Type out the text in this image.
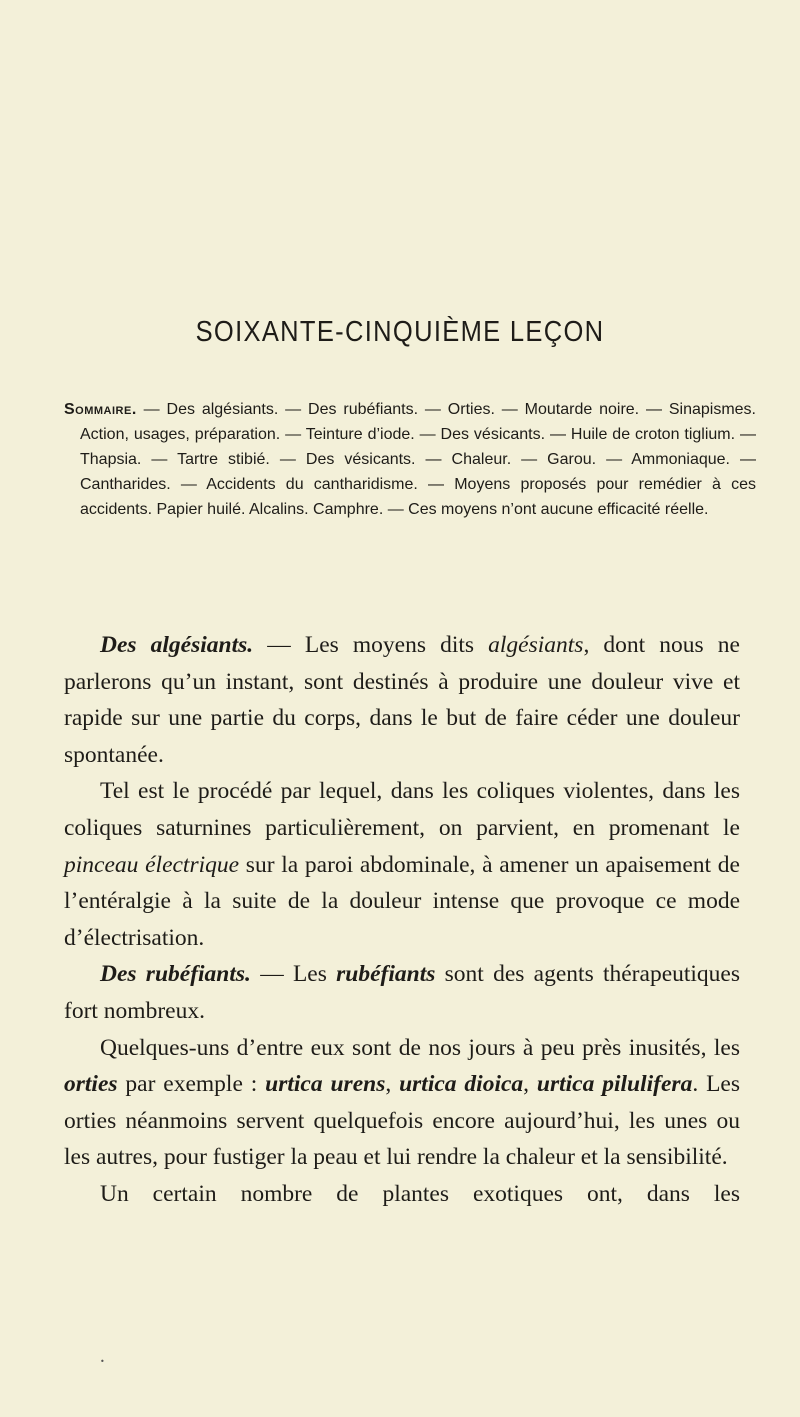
SOIXANTE-CINQUIÈME LEÇON

Sommaire. — Des algésiants. — Des rubéfiants. — Orties. — Moutarde noire. — Sinapismes. Action, usages, préparation. — Teinture d’iode. — Des vésicants. — Huile de croton tiglium. — Thapsia. — Tartre stibié. — Des vésicants. — Chaleur. — Garou. — Ammoniaque. — Cantharides. — Accidents du cantharidisme. — Moyens proposés pour remédier à ces accidents. Papier huilé. Alcalins. Camphre. — Ces moyens n’ont aucune efficacité réelle.

Des algésiants. — Les moyens dits algésiants, dont nous ne parlerons qu’un instant, sont destinés à produire une douleur vive et rapide sur une partie du corps, dans le but de faire céder une douleur spontanée.

Tel est le procédé par lequel, dans les coliques violentes, dans les coliques saturnines particulièrement, on parvient, en promenant le pinceau électrique sur la paroi abdominale, à amener un apaisement de l’entéralgie à la suite de la douleur intense que provoque ce mode d’électrisation.

Des rubéfiants. — Les rubéfiants sont des agents thérapeutiques fort nombreux.

Quelques-uns d’entre eux sont de nos jours à peu près inusités, les orties par exemple : urtica urens, urtica dioica, urtica pilulifera. Les orties néanmoins servent quelquefois encore aujourd’hui, les unes ou les autres, pour fustiger la peau et lui rendre la chaleur et la sensibilité.

Un certain nombre de plantes exotiques ont, dans les

•
